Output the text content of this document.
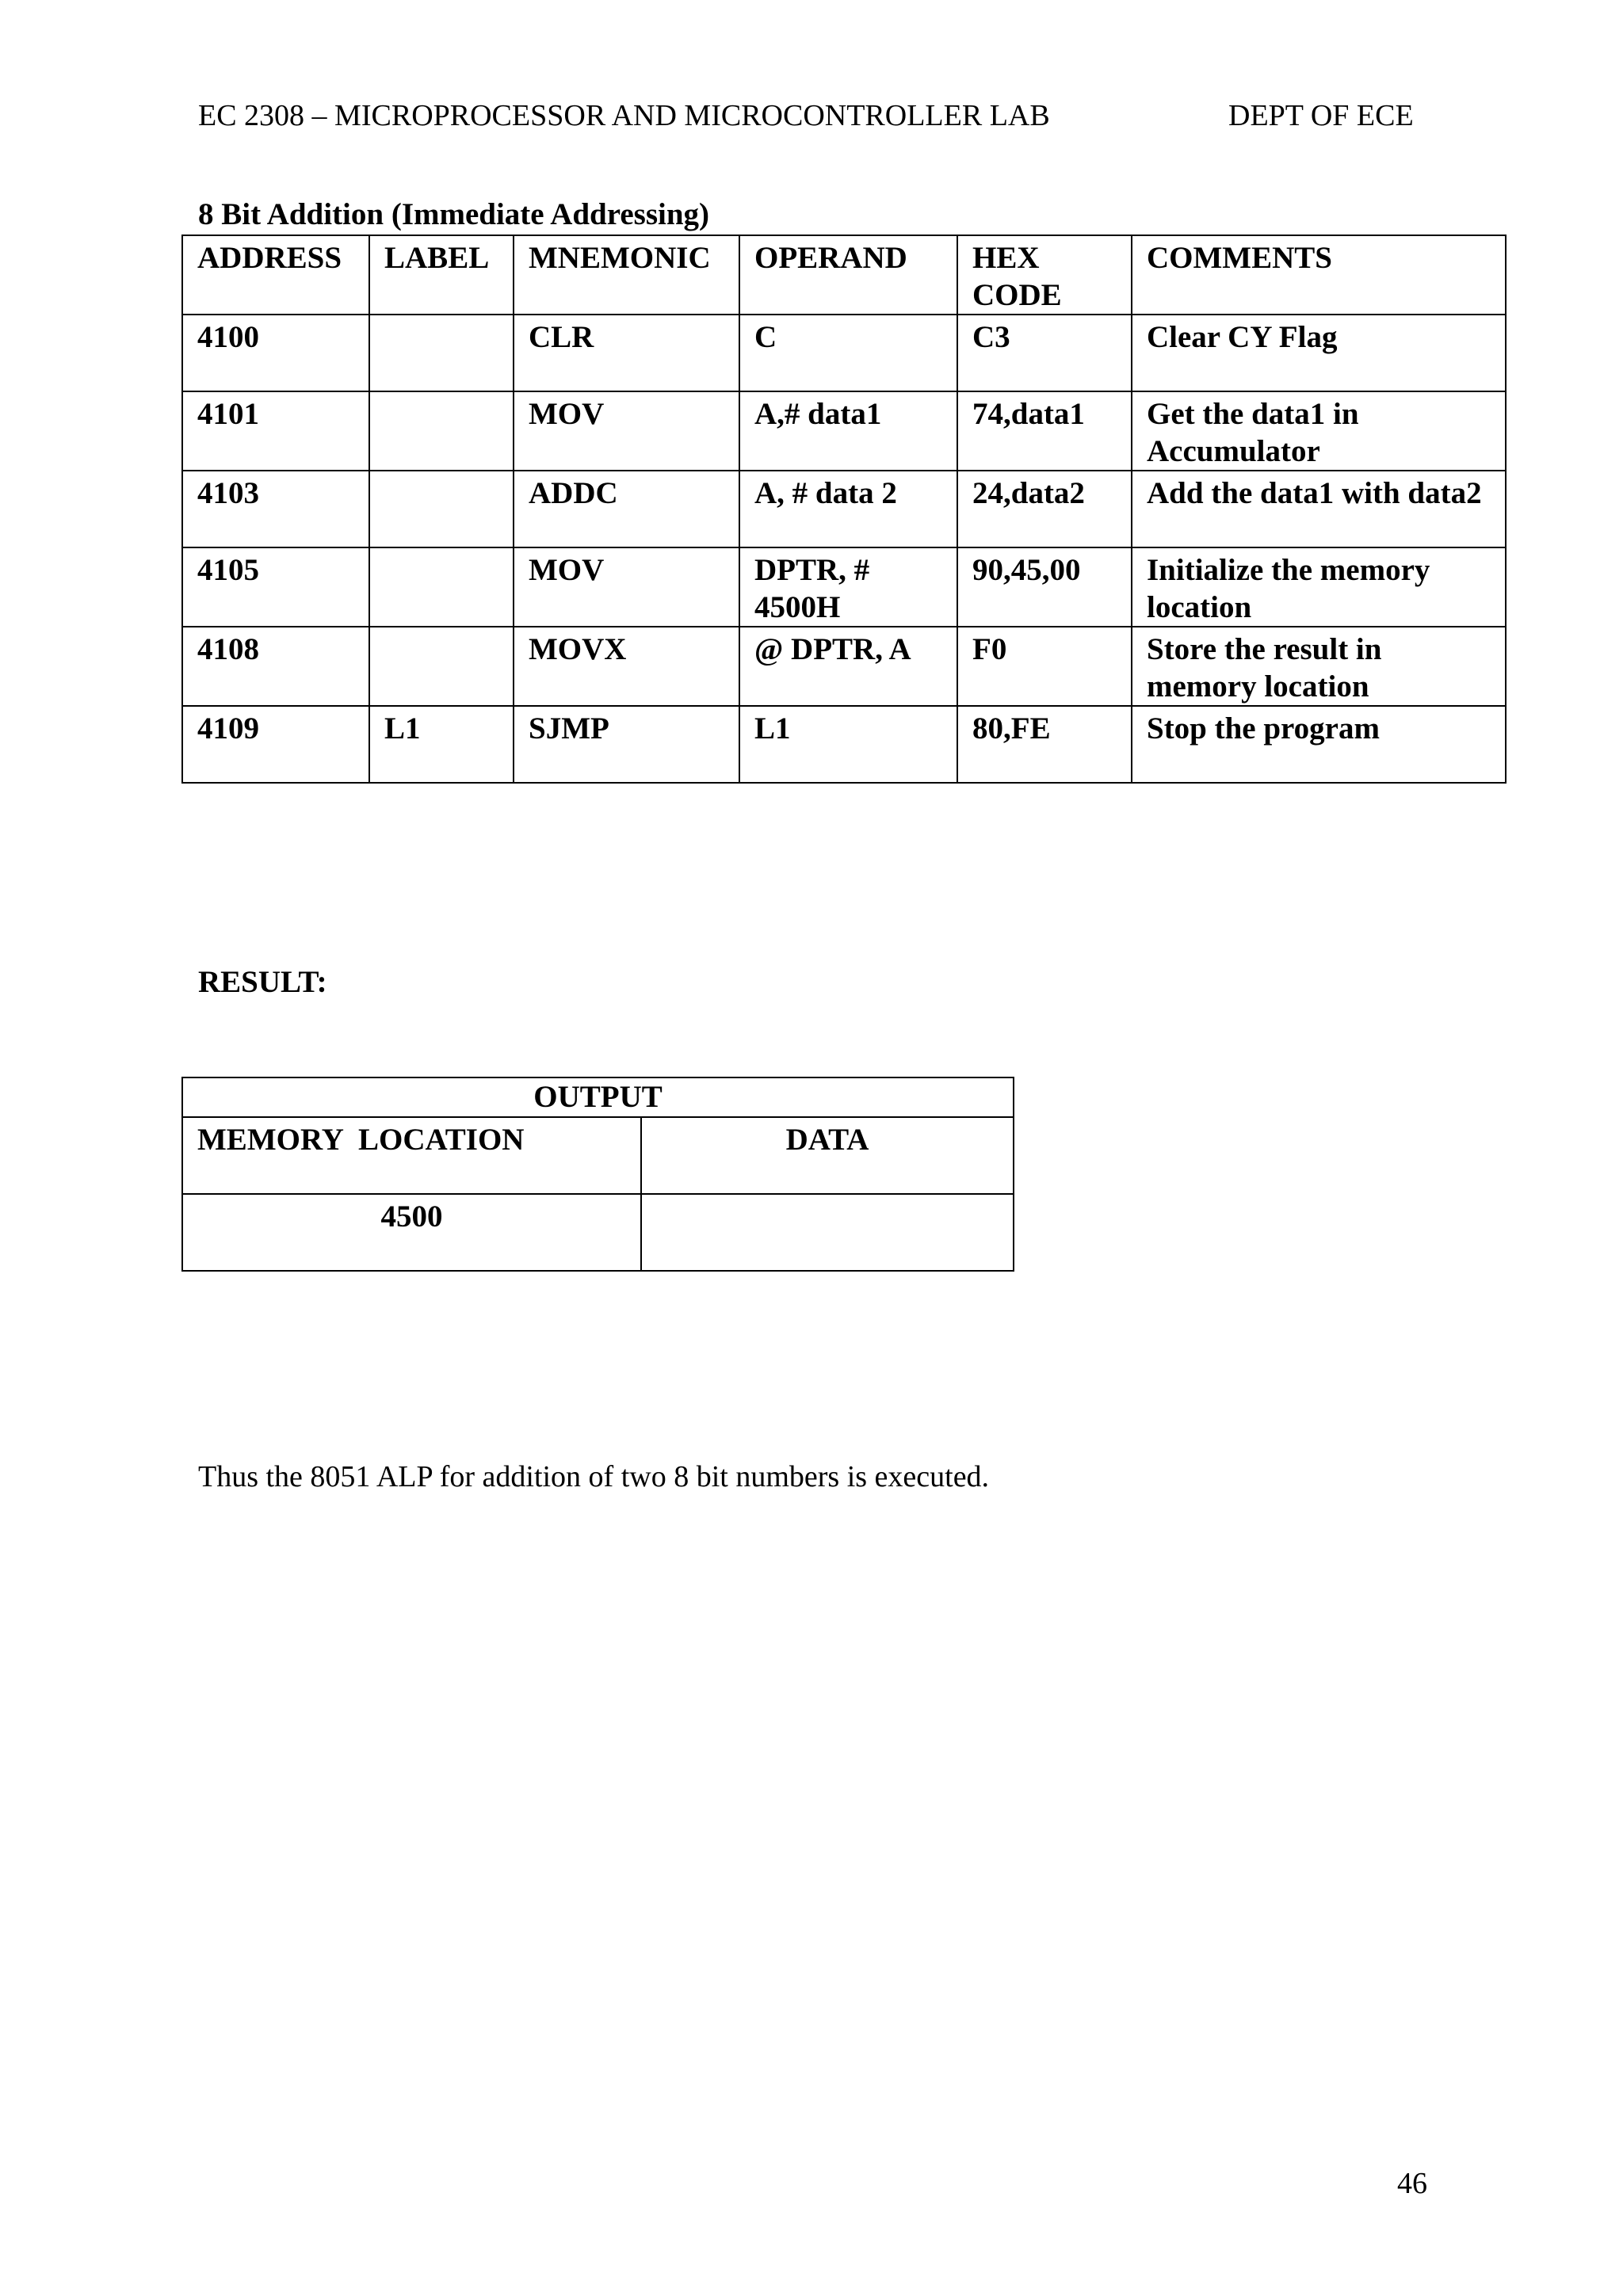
EC 2308 – MICROPROCESSOR AND MICROCONTROLLER LAB	DEPT OF ECE
8 Bit Addition (Immediate Addressing)
ADDRESS	LABEL	MNEMONIC	OPERAND	HEX CODE	COMMENTS
4100		CLR	C	C3	Clear CY Flag
4101		MOV	A,# data1	74,data1	Get the data1 in Accumulator
4103		ADDC	A, # data 2	24,data2	Add the data1 with data2
4105		MOV	DPTR, # 4500H	90,45,00	Initialize the memory location
4108		MOVX	@ DPTR, A	F0	Store the result in memory location
4109	L1	SJMP	L1	80,FE	Stop the program
RESULT:
OUTPUT	
MEMORY  LOCATION	DATA
4500	
Thus the 8051 ALP for addition of two 8 bit numbers is executed.
46
